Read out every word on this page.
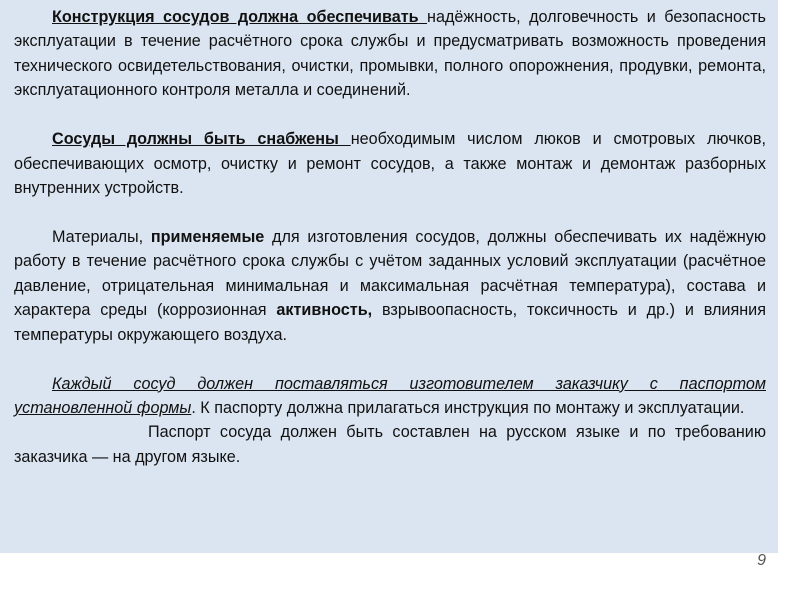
Конструкция сосудов должна обеспечивать надёжность, долговечность и безопасность эксплуатации в течение расчётного срока службы и предусматривать возможность проведения технического освидетельствования, очистки, промывки, полного опорожнения, продувки, ремонта, эксплуатационного контроля металла и соединений.

Сосуды должны быть снабжены необходимым числом люков и смотровых лючков, обеспечивающих осмотр, очистку и ремонт сосудов, а также монтаж и демонтаж разборных внутренних устройств.

Материалы, применяемые для изготовления сосудов, должны обеспечивать их надёжную работу в течение расчётного срока службы с учётом заданных условий эксплуатации (расчётное давление, отрицательная минимальная и максимальная расчётная температура), состава и характера среды (коррозионная активность, взрывоопасность, токсичность и др.) и влияния температуры окружающего воздуха.

Каждый сосуд должен поставляться изготовителем заказчику с паспортом установленной формы. К паспорту должна прилагаться инструкция по монтажу и эксплуатации.

Паспорт сосуда должен быть составлен на русском языке и по требованию заказчика — на другом языке.

9
